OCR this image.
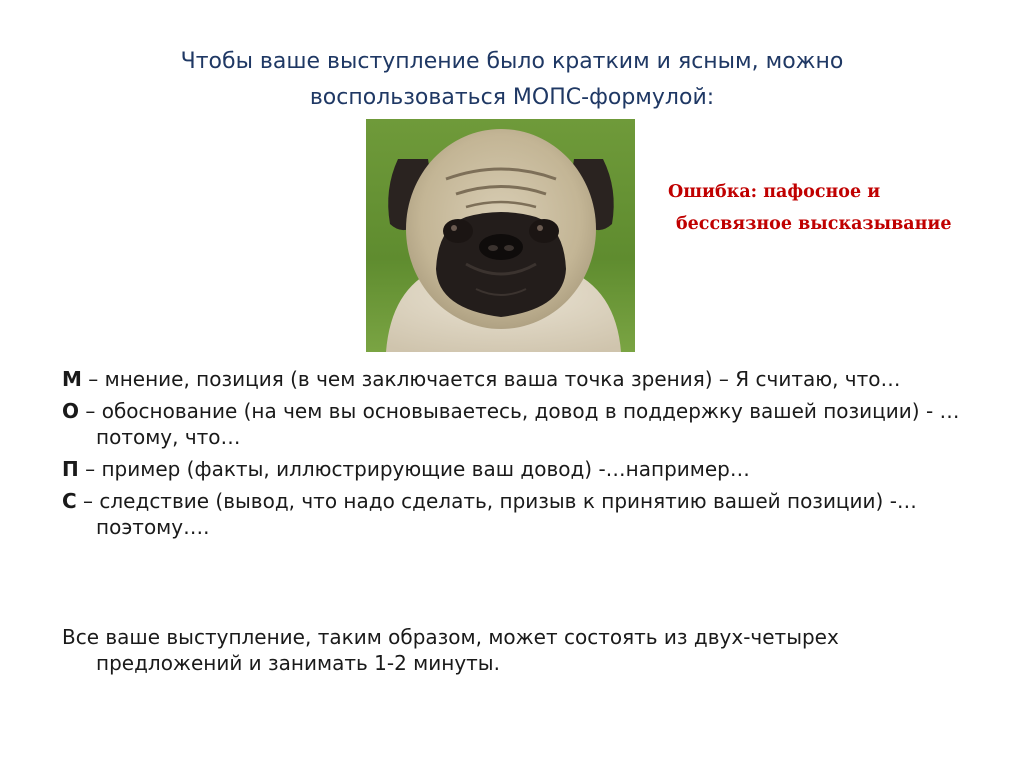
Чтобы ваше выступление было кратким и ясным, можно
воспользоваться МОПС-формулой:
Ошибка: пафосное и
бессвязное высказывание
М – мнение, позиция (в чем заключается ваша точка зрения) – Я считаю, что…
О – обоснование (на чем вы основываетесь, довод в поддержку вашей позиции) - …потому, что…
П – пример (факты, иллюстрирующие ваш довод) -…например…
С – следствие (вывод, что надо сделать, призыв к принятию вашей позиции) -…поэтому….
Все ваше выступление, таким образом, может состоять из двух-четырех предложений и занимать 1-2 минуты.
